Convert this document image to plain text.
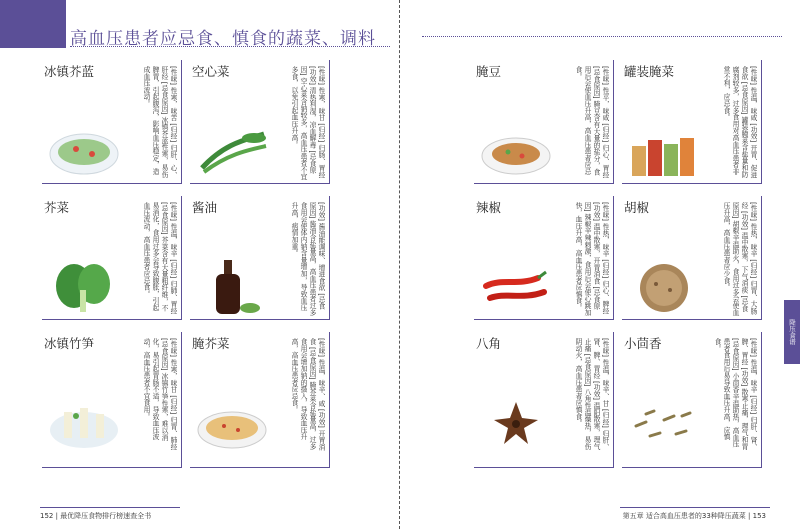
高血压患者应忌食、慎食的蔬菜、调料
冰镇芥蓝	[性味] 性寒，味苦 [归经] 归肝、心、肝经 [忌食原因] 冰镇芥蓝性寒，易伤脾胃，引起腹泻，影响血压稳定，造成血压波动。	空心菜	[性味] 性寒，味甘 [归经] 归肠、胃经 [功效] 清热利湿，凉血解毒 [忌食原因] 空心菜含钠较多，高血压患者不宜多食，以免引起血压升高。
芥菜	[性味] 性温，味辛 [归经] 归肺、胃经 [忌食原因] 芥菜含有大量粗纤维，不易消化，食用过多会导致腹胀，引起血压波动，高血压患者应忌食。	酱油	[功效] 酱油能调味、增进食欲 [忌食原因] 酱油含盐量高，高血压患者过多食用会使体内钠含量增加，导致血压升高，病情加重。
冰镇竹笋	[性味] 性寒，味甘 [归经] 归胃、肺经 [忌食原因] 冰镇竹笋性寒，难以消化，易引起胃肠不适，导致血压波动，高血压患者不宜食用。	腌芥菜	[性味] 性温，味辛、咸 [功效] 开胃消食 [忌食原因] 腌芥菜含盐量高，过多食用会增加钠的摄入，导致血压升高，高血压患者应忌食。
腌豆	[性味] 性平，味咸 [归经] 归心、胃经 [忌食原因] 腌豆含有大量的盐分，食用后会使血压升高，高血压患者应忌食。	罐装腌菜	[性味] 性温，味咸 [功效] 开胃、促进食欲 [忌食原因] 罐装腌菜含盐量和防腐剂较多，过多食用对高血压患者非常不利，应忌食。
辣椒	[性味] 性热，味辛 [归经] 归心、脾经 [功效] 温中散寒，开胃消食 [忌食原因] 辣椒辛辣刺激，食用后会使心跳加快，血压升高，高血压患者应慎食。	胡椒	[性味] 性热，味辛 [归经] 归胃、大肠经 [功效] 温中散寒，下气消痰 [忌食原因] 胡椒辛温助火，食用过多会使血压升高，高血压患者应少食。
八角	[性味] 性温，味辛、甘 [归经] 归肝、肾、脾、胃经 [功效] 温阳散寒，理气止痛 [忌食原因] 八角性温燥热，易伤阴动火，高血压患者应慎食。	小茴香	[性味] 性温，味辛 [归经] 归肝、肾、脾、胃经 [功效] 散寒止痛，理气和胃 [忌食原因] 小茴香辛温助热，高血压患者食用后易导致血压升高，应慎食。	降压食谱
152 | 最优降压食物排行榜速查全书	第五章 适合高血压患者的33种降压蔬菜 | 153
